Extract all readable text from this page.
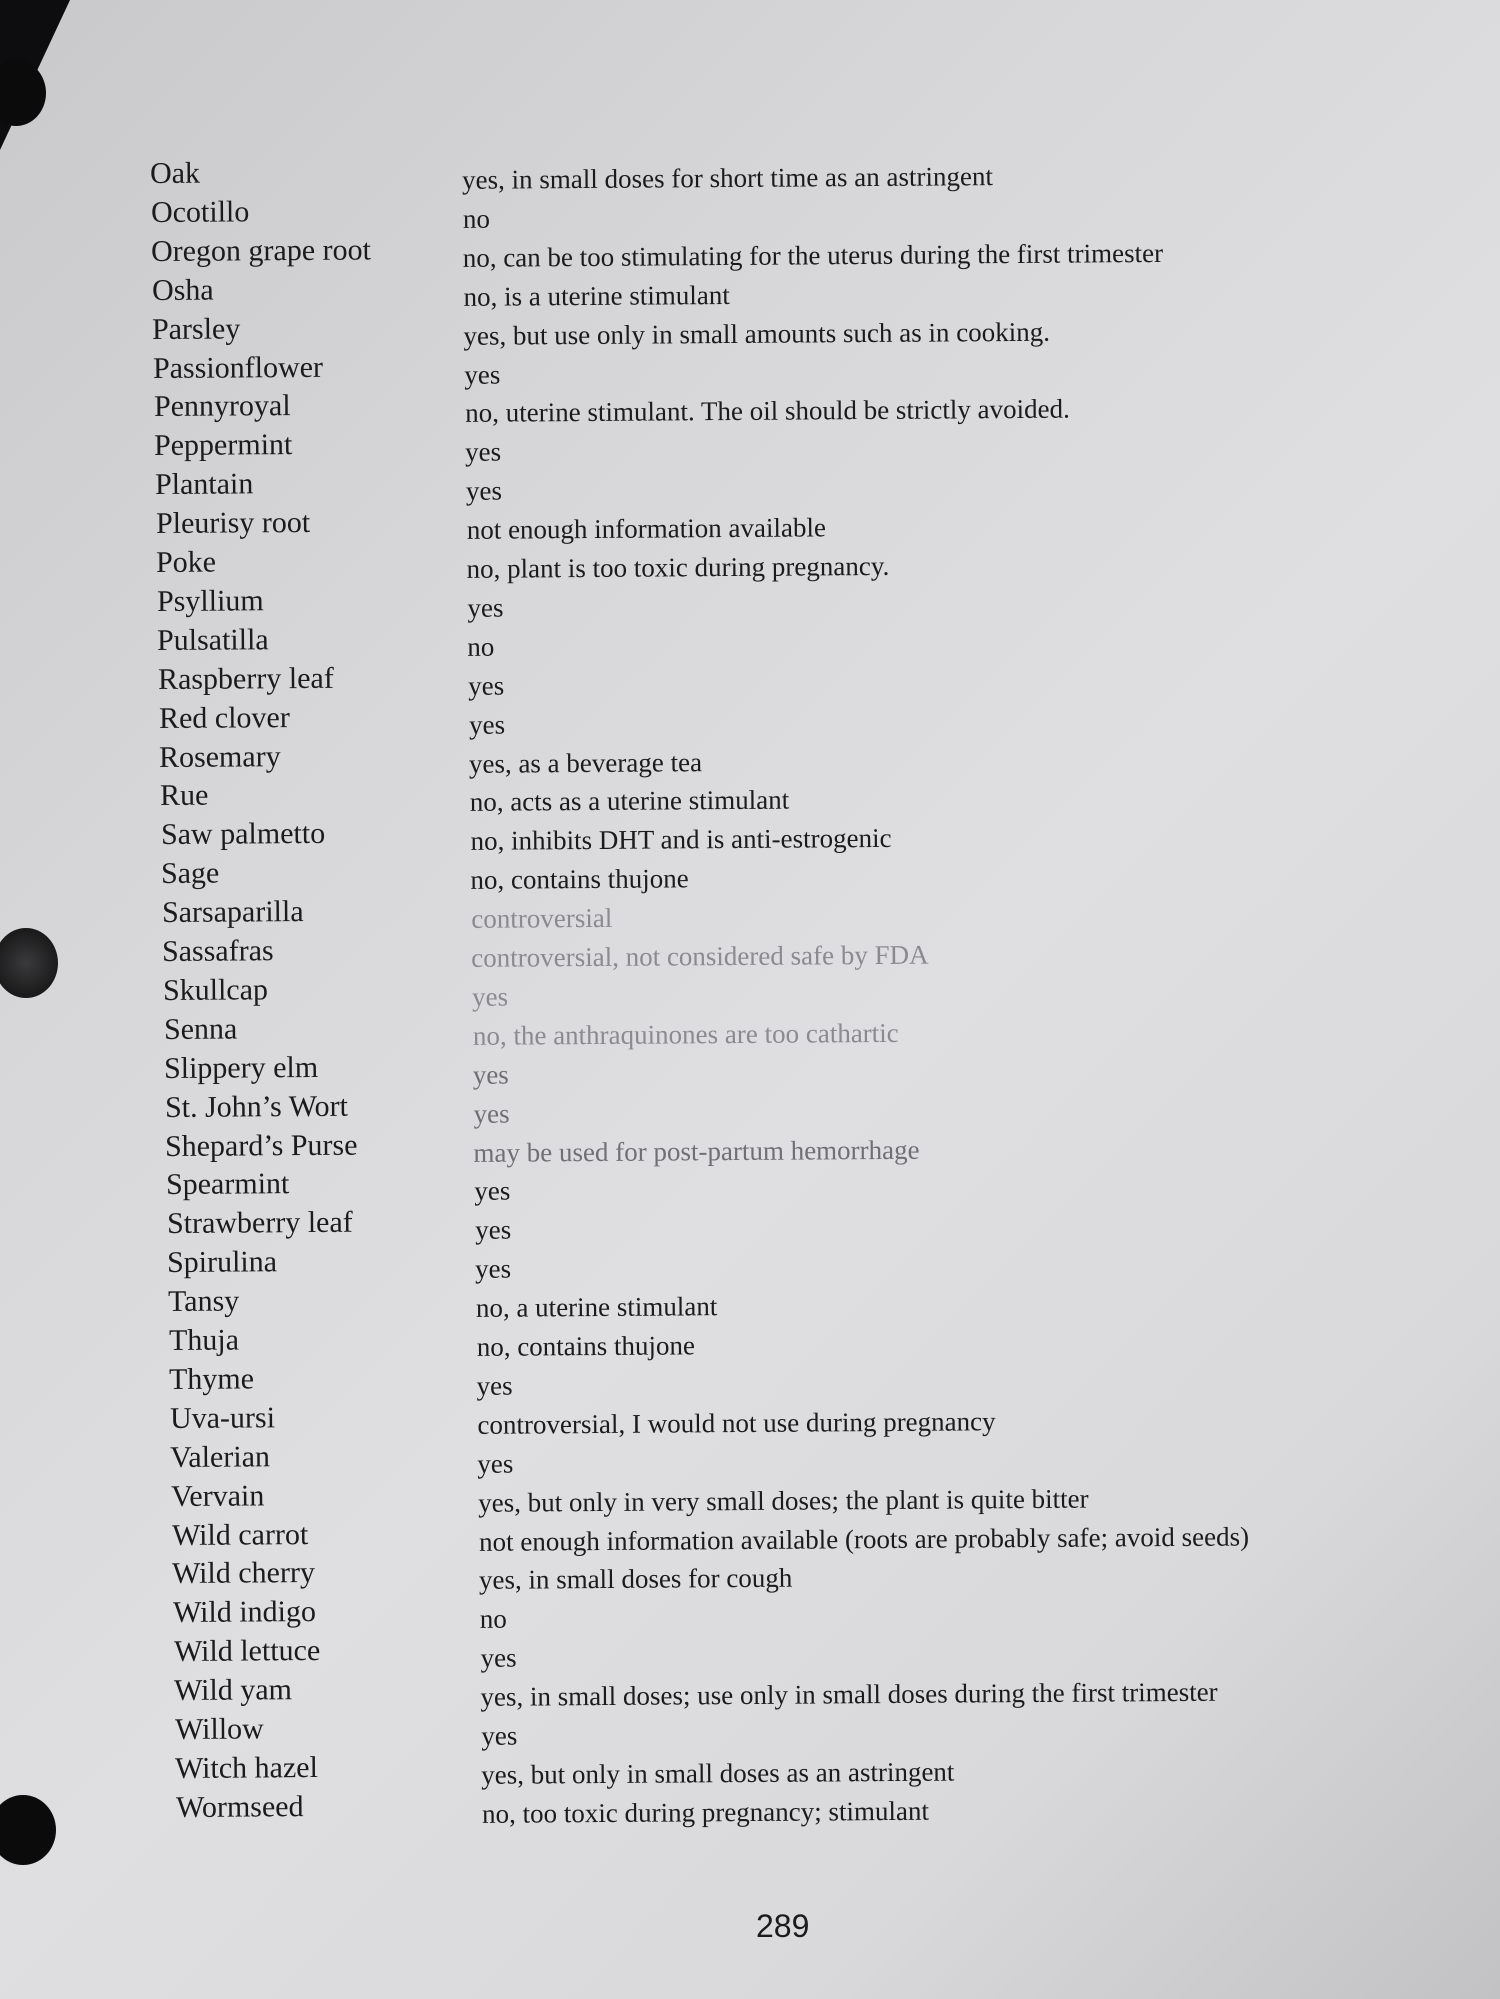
Oak	yes, in small doses for short time as an astringent
Ocotillo	no
Oregon grape root	no, can be too stimulating for the uterus during the first trimester
Osha	no, is a uterine stimulant
Parsley	yes, but use only in small amounts such as in cooking.
Passionflower	yes
Pennyroyal	no, uterine stimulant. The oil should be strictly avoided.
Peppermint	yes
Plantain	yes
Pleurisy root	not enough information available
Poke	no, plant is too toxic during pregnancy.
Psyllium	yes
Pulsatilla	no
Raspberry leaf	yes
Red clover	yes
Rosemary	yes, as a beverage tea
Rue	no, acts as a uterine stimulant
Saw palmetto	no, inhibits DHT and is anti-estrogenic
Sage	no, contains thujone
Sarsaparilla	controversial
Sassafras	controversial, not considered safe by FDA
Skullcap	yes
Senna	no, the anthraquinones are too cathartic
Slippery elm	yes
St. John’s Wort	yes
Shepard’s Purse	may be used for post-partum hemorrhage
Spearmint	yes
Strawberry leaf	yes
Spirulina	yes
Tansy	no, a uterine stimulant
Thuja	no, contains thujone
Thyme	yes
Uva-ursi	controversial, I would not use during pregnancy
Valerian	yes
Vervain	yes, but only in very small doses; the plant is quite bitter
Wild carrot	not enough information available (roots are probably safe; avoid seeds)
Wild cherry	yes, in small doses for cough
Wild indigo	no
Wild lettuce	yes
Wild yam	yes, in small doses; use only in small doses during the first trimester
Willow	yes
Witch hazel	yes, but only in small doses as an astringent
Wormseed	no, too toxic during pregnancy; stimulant
289
